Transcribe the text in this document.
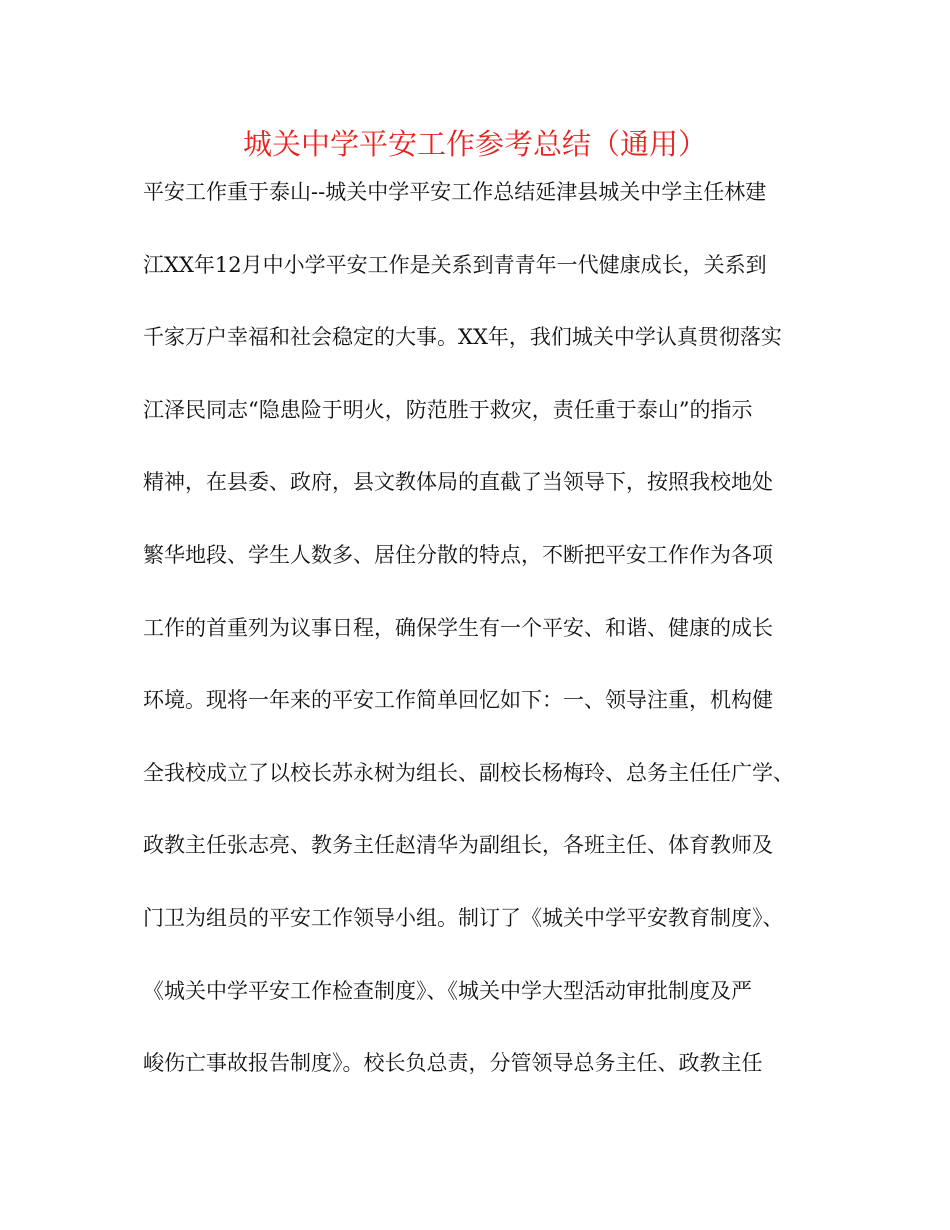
城关中学平安工作参考总结（通用）
平安工作重于泰山--城关中学平安工作总结延津县城关中学主任林建
江XX年12月中小学平安工作是关系到青青年一代健康成长，关系到
千家万户幸福和社会稳定的大事。XX年，我们城关中学认真贯彻落实
江泽民同志“隐患险于明火，防范胜于救灾，责任重于泰山”的指示
精神，在县委、政府，县文教体局的直截了当领导下，按照我校地处
繁华地段、学生人数多、居住分散的特点，不断把平安工作作为各项
工作的首重列为议事日程，确保学生有一个平安、和谐、健康的成长
环境。现将一年来的平安工作简单回忆如下：一、领导注重，机构健
全我校成立了以校长苏永树为组长、副校长杨梅玲、总务主任任广学、
政教主任张志亮、教务主任赵清华为副组长，各班主任、体育教师及
门卫为组员的平安工作领导小组。制订了《城关中学平安教育制度》、
《城关中学平安工作检查制度》、《城关中学大型活动审批制度及严
峻伤亡事故报告制度》。校长负总责，分管领导总务主任、政教主任
